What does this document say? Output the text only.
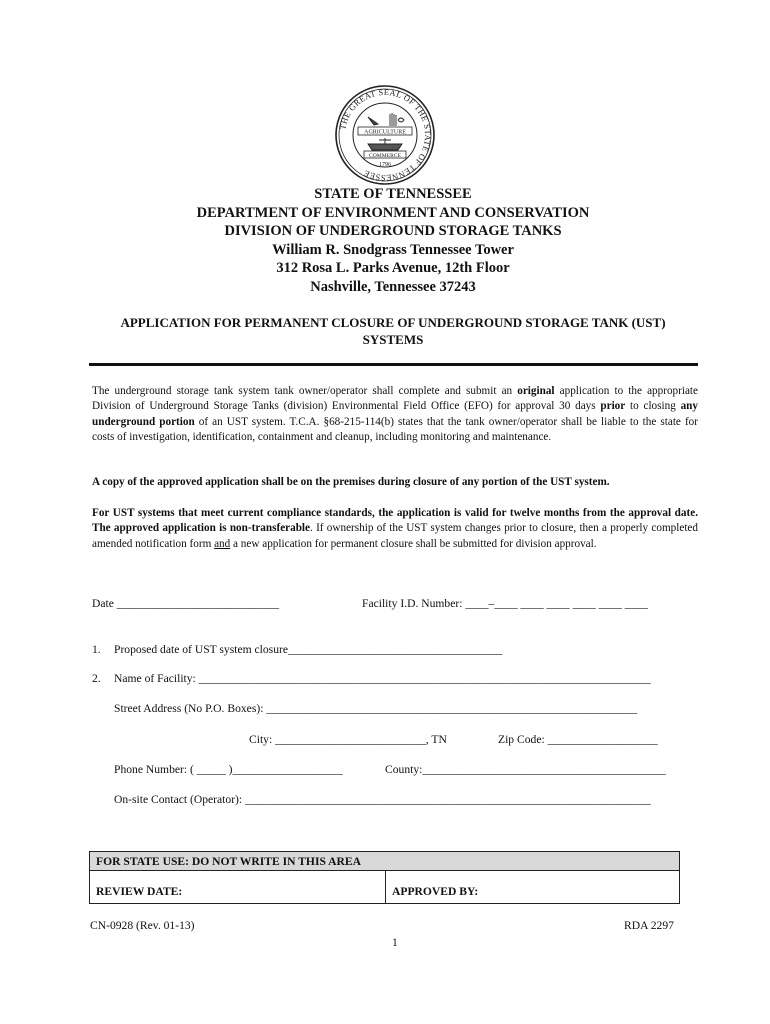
THE GREAT SEAL OF THE STATE OF TENNESSEE
AGRICULTURE
COMMERCE
1796
STATE OF TENNESSEE
DEPARTMENT OF ENVIRONMENT AND CONSERVATION
DIVISION OF UNDERGROUND STORAGE TANKS
William R. Snodgrass Tennessee Tower
312 Rosa L. Parks Avenue, 12th Floor
Nashville, Tennessee 37243
APPLICATION FOR PERMANENT CLOSURE OF UNDERGROUND STORAGE TANK (UST)
SYSTEMS
The underground storage tank system tank owner/operator shall complete and submit an original application to the appropriate Division of Underground Storage Tanks (division) Environmental Field Office (EFO) for approval 30 days prior to closing any underground portion of an UST system. T.C.A. §68-215-114(b) states that the tank owner/operator shall be liable to the state for costs of investigation, identification, containment and cleanup, including monitoring and maintenance.
A copy of the approved application shall be on the premises during closure of any portion of the UST system.
For UST systems that meet current compliance standards, the application is valid for twelve months from the approval date. The approved application is non-transferable. If ownership of the UST system changes prior to closure, then a properly completed amended notification form and a new application for permanent closure shall be submitted for division approval.
Date ____________________________	Facility I.D. Number: ____–____ ____ ____ ____ ____ ____
1. Proposed date of UST system closure_____________________________________
2. Name of Facility: ______________________________________________________________________________
Street Address (No P.O. Boxes): ________________________________________________________________
City: __________________________, TN	Zip Code: ___________________
Phone Number: ( _____ )___________________	County:__________________________________________
On-site Contact (Operator): ______________________________________________________________________
FOR STATE USE: DO NOT WRITE IN THIS AREA
REVIEW DATE:	APPROVED BY:
CN-0928 (Rev. 01-13)	RDA 2297
1
